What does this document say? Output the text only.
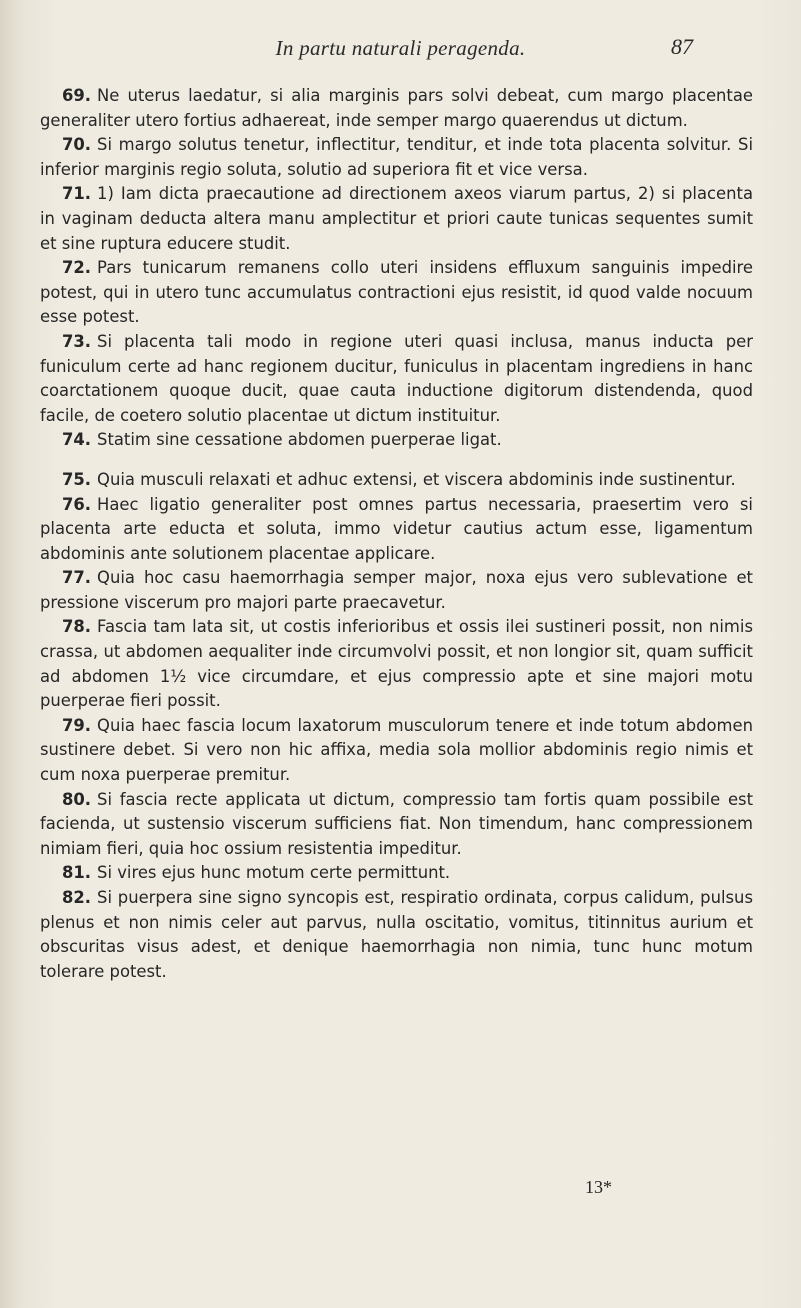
In partu naturali peragenda.	87

69. Ne uterus laedatur, si alia marginis pars solvi debeat, cum margo placentae generaliter utero fortius adhaereat, inde semper margo quaerendus ut dictum.

70. Si margo solutus tenetur, inflectitur, tenditur, et inde tota placenta solvitur. Si inferior marginis regio soluta, solutio ad superiora fit et vice versa.

71. 1) Iam dicta praecautione ad directionem axeos viarum partus, 2) si placenta in vaginam deducta altera manu amplectitur et priori caute tunicas sequentes sumit et sine ruptura educere studit.

72. Pars tunicarum remanens collo uteri insidens effluxum sanguinis impedire potest, qui in utero tunc accumulatus contractioni ejus resistit, id quod valde nocuum esse potest.

73. Si placenta tali modo in regione uteri quasi inclusa, manus inducta per funiculum certe ad hanc regionem ducitur, funiculus in placentam ingrediens in hanc coarctationem quoque ducit, quae cauta inductione digitorum distendenda, quod facile, de coetero solutio placentae ut dictum instituitur.

74. Statim sine cessatione abdomen puerperae ligat.

75. Quia musculi relaxati et adhuc extensi, et viscera abdominis inde sustinentur.

76. Haec ligatio generaliter post omnes partus necessaria, praesertim vero si placenta arte educta et soluta, immo videtur cautius actum esse, ligamentum abdominis ante solutionem placentae applicare.

77. Quia hoc casu haemorrhagia semper major, noxa ejus vero sublevatione et pressione viscerum pro majori parte praecavetur.

78. Fascia tam lata sit, ut costis inferioribus et ossis ilei sustineri possit, non nimis crassa, ut abdomen aequaliter inde circumvolvi possit, et non longior sit, quam sufficit ad abdomen 1½ vice circumdare, et ejus compressio apte et sine majori motu puerperae fieri possit.

79. Quia haec fascia locum laxatorum musculorum tenere et inde totum abdomen sustinere debet. Si vero non hic affixa, media sola mollior abdominis regio nimis et cum noxa puerperae premitur.

80. Si fascia recte applicata ut dictum, compressio tam fortis quam possibile est facienda, ut sustensio viscerum sufficiens fiat. Non timendum, hanc compressionem nimiam fieri, quia hoc ossium resistentia impeditur.

81. Si vires ejus hunc motum certe permittunt.

82. Si puerpera sine signo syncopis est, respiratio ordinata, corpus calidum, pulsus plenus et non nimis celer aut parvus, nulla oscitatio, vomitus, titinnitus aurium et obscuritas visus adest, et denique haemorrhagia non nimia, tunc hunc motum tolerare potest.

13*
